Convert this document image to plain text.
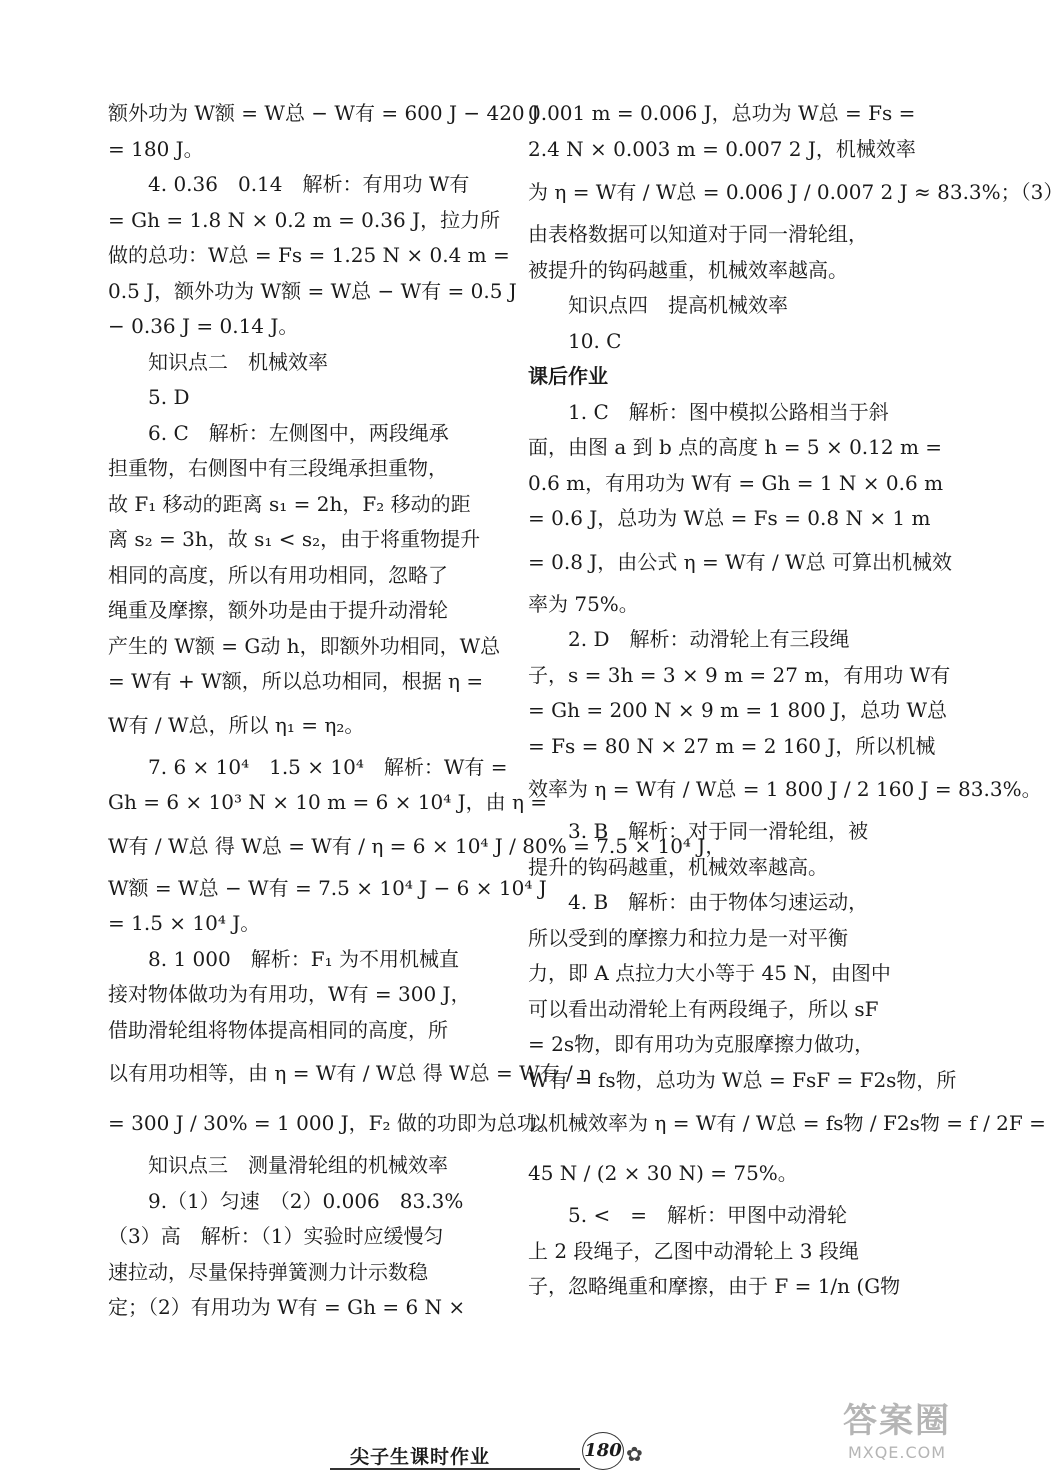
额外功为 W额 = W总 − W有 = 600 J − 420 J
= 180 J。
4. 0.36　0.14　解析：有用功 W有
= Gh = 1.8 N × 0.2 m = 0.36 J，拉力所
做的总功：W总 = Fs = 1.25 N × 0.4 m =
0.5 J，额外功为 W额 = W总 − W有 = 0.5 J
− 0.36 J = 0.14 J。
知识点二　机械效率
5. D
6. C　解析：左侧图中，两段绳承
担重物，右侧图中有三段绳承担重物，
故 F₁ 移动的距离 s₁ = 2h，F₂ 移动的距
离 s₂ = 3h，故 s₁ < s₂，由于将重物提升
相同的高度，所以有用功相同，忽略了
绳重及摩擦，额外功是由于提升动滑轮
产生的 W额 = G动 h，即额外功相同，W总
= W有 + W额，所以总功相同，根据 η =
W有 / W总，所以 η₁ = η₂。
7. 6 × 10⁴　1.5 × 10⁴　解析：W有 =
Gh = 6 × 10³ N × 10 m = 6 × 10⁴ J，由 η =
W有 / W总 得 W总 = W有 / η = 6 × 10⁴ J / 80% = 7.5 × 10⁴ J，
W额 = W总 − W有 = 7.5 × 10⁴ J − 6 × 10⁴ J
= 1.5 × 10⁴ J。
8. 1 000　解析：F₁ 为不用机械直
接对物体做功为有用功，W有 = 300 J，
借助滑轮组将物体提高相同的高度，所
以有用功相等，由 η = W有 / W总 得 W总 = W有 / η
= 300 J / 30% = 1 000 J，F₂ 做的功即为总功。
知识点三　测量滑轮组的机械效率
9.（1）匀速　（2）0.006　83.3%
（3）高　解析：（1）实验时应缓慢匀
速拉动，尽量保持弹簧测力计示数稳
定；（2）有用功为 W有 = Gh = 6 N ×
0.001 m = 0.006 J，总功为 W总 = Fs =
2.4 N × 0.003 m = 0.007 2 J，机械效率
为 η = W有 / W总 = 0.006 J / 0.007 2 J ≈ 83.3%；（3）
由表格数据可以知道对于同一滑轮组，
被提升的钩码越重，机械效率越高。
知识点四　提高机械效率
10. C
课后作业
1. C　解析：图中模拟公路相当于斜
面，由图 a 到 b 点的高度 h = 5 × 0.12 m =
0.6 m，有用功为 W有 = Gh = 1 N × 0.6 m
= 0.6 J，总功为 W总 = Fs = 0.8 N × 1 m
= 0.8 J，由公式 η = W有 / W总 可算出机械效
率为 75%。
2. D　解析：动滑轮上有三段绳
子，s = 3h = 3 × 9 m = 27 m，有用功 W有
= Gh = 200 N × 9 m = 1 800 J，总功 W总
= Fs = 80 N × 27 m = 2 160 J，所以机械
效率为 η = W有 / W总 = 1 800 J / 2 160 J = 83.3%。
3. B　解析：对于同一滑轮组，被
提升的钩码越重，机械效率越高。
4. B　解析：由于物体匀速运动，
所以受到的摩擦力和拉力是一对平衡
力，即 A 点拉力大小等于 45 N，由图中
可以看出动滑轮上有两段绳子，所以 sF
= 2s物，即有用功为克服摩擦力做功，
W有 = fs物，总功为 W总 = FsF = F2s物，所
以机械效率为 η = W有 / W总 = fs物 / F2s物 = f / 2F =
45 N / (2 × 30 N) = 75%。
5. <　=　解析：甲图中动滑轮
上 2 段绳子，乙图中动滑轮上 3 段绳
子，忽略绳重和摩擦，由于 F = 1/n (G物
尖子生课时作业	180 ✿
答案圈
MXQE.COM
